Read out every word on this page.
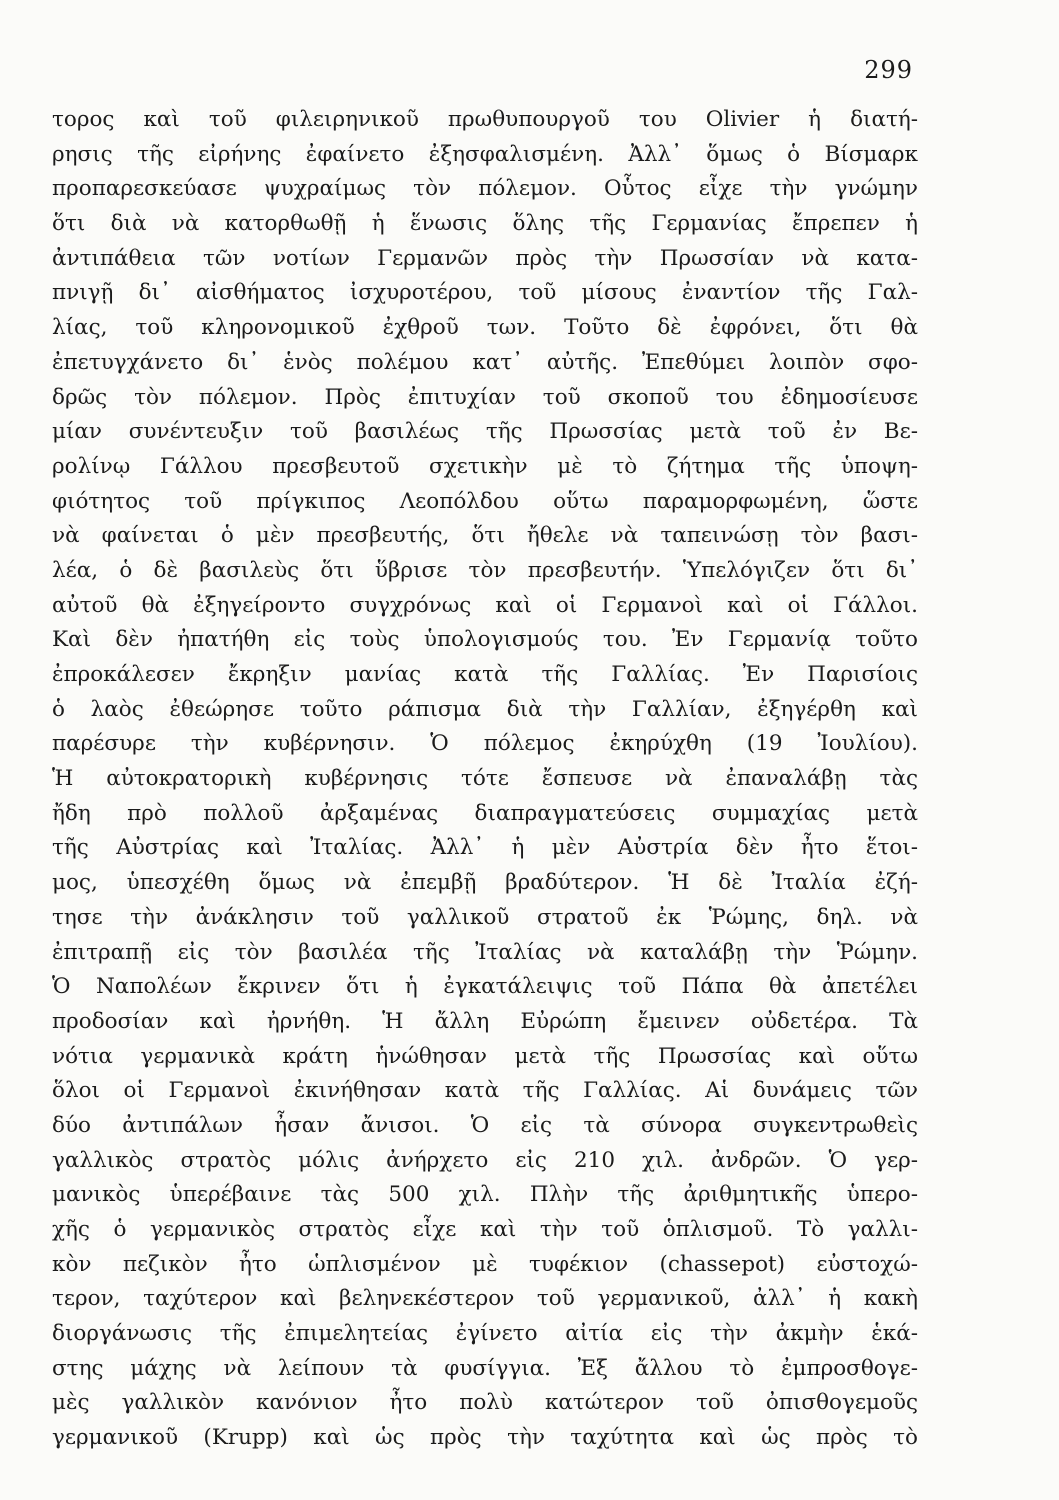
299
τορος καὶ τοῦ φιλειρηνικοῦ πρωθυπουργοῦ του Olivier ἡ διατή-
ρησις τῆς εἰρήνης ἐφαίνετο ἐξησφαλισμένη. Ἀλλ᾿ ὅμως ὁ Βίσμαρκ
προπαρεσκεύασε ψυχραίμως τὸν πόλεμον. Οὗτος εἶχε τὴν γνώμην
ὅτι διὰ νὰ κατορθωθῇ ἡ ἕνωσις ὅλης τῆς Γερμανίας ἔπρεπεν ἡ
ἀντιπάθεια τῶν νοτίων Γερμανῶν πρὸς τὴν Πρωσσίαν νὰ κατα-
πνιγῇ δι᾿ αἰσθήματος ἰσχυροτέρου, τοῦ μίσους ἐναντίον τῆς Γαλ-
λίας, τοῦ κληρονομικοῦ ἐχθροῦ των. Τοῦτο δὲ ἐφρόνει, ὅτι θὰ
ἐπετυγχάνετο δι᾿ ἑνὸς πολέμου κατ᾿ αὐτῆς. Ἐπεθύμει λοιπὸν σφο-
δρῶς τὸν πόλεμον. Πρὸς ἐπιτυχίαν τοῦ σκοποῦ του ἐδημοσίευσε
μίαν συνέντευξιν τοῦ βασιλέως τῆς Πρωσσίας μετὰ τοῦ ἐν Βε-
ρολίνῳ Γάλλου πρεσβευτοῦ σχετικὴν μὲ τὸ ζήτημα τῆς ὑποψη-
φιότητος τοῦ πρίγκιπος Λεοπόλδου οὕτω παραμορφωμένη, ὥστε
νὰ φαίνεται ὁ μὲν πρεσβευτής, ὅτι ἤθελε νὰ ταπεινώσῃ τὸν βασι-
λέα, ὁ δὲ βασιλεὺς ὅτι ὕβρισε τὸν πρεσβευτήν. Ὑπελόγιζεν ὅτι δι᾿
αὐτοῦ θὰ ἐξηγείροντο συγχρόνως καὶ οἱ Γερμανοὶ καὶ οἱ Γάλλοι.
Καὶ δὲν ἠπατήθη εἰς τοὺς ὑπολογισμούς του. Ἐν Γερμανίᾳ τοῦτο
ἐπροκάλεσεν ἔκρηξιν μανίας κατὰ τῆς Γαλλίας. Ἐν Παρισίοις
ὁ λαὸς ἐθεώρησε τοῦτο ράπισμα διὰ τὴν Γαλλίαν, ἐξηγέρθη καὶ
παρέσυρε τὴν κυβέρνησιν. Ὁ πόλεμος ἐκηρύχθη (19 Ἰουλίου).
Ἡ αὐτοκρατορικὴ κυβέρνησις τότε ἔσπευσε νὰ ἐπαναλάβῃ τὰς
ἤδη πρὸ πολλοῦ ἀρξαμένας διαπραγματεύσεις συμμαχίας μετὰ
τῆς Αὐστρίας καὶ Ἰταλίας. Ἀλλ᾿ ἡ μὲν Αὐστρία δὲν ἦτο ἕτοι-
μος, ὑπεσχέθη ὅμως νὰ ἐπεμβῇ βραδύτερον. Ἡ δὲ Ἰταλία ἐζή-
τησε τὴν ἀνάκλησιν τοῦ γαλλικοῦ στρατοῦ ἐκ Ῥώμης, δηλ. νὰ
ἐπιτραπῇ εἰς τὸν βασιλέα τῆς Ἰταλίας νὰ καταλάβῃ τὴν Ῥώμην.
Ὁ Ναπολέων ἔκρινεν ὅτι ἡ ἐγκατάλειψις τοῦ Πάπα θὰ ἀπετέλει
προδοσίαν καὶ ἠρνήθη. Ἡ ἄλλη Εὐρώπη ἔμεινεν οὐδετέρα. Τὰ
νότια γερμανικὰ κράτη ἡνώθησαν μετὰ τῆς Πρωσσίας καὶ οὕτω
ὅλοι οἱ Γερμανοὶ ἐκινήθησαν κατὰ τῆς Γαλλίας. Αἱ δυνάμεις τῶν
δύο ἀντιπάλων ἦσαν ἄνισοι. Ὁ εἰς τὰ σύνορα συγκεντρωθεὶς
γαλλικὸς στρατὸς μόλις ἀνήρχετο εἰς 210 χιλ. ἀνδρῶν. Ὁ γερ-
μανικὸς ὑπερέβαινε τὰς 500 χιλ. Πλὴν τῆς ἀριθμητικῆς ὑπερο-
χῆς ὁ γερμανικὸς στρατὸς εἶχε καὶ τὴν τοῦ ὁπλισμοῦ. Τὸ γαλλι-
κὸν πεζικὸν ἦτο ὡπλισμένον μὲ τυφέκιον (chassepot) εὐστοχώ-
τερον, ταχύτερον καὶ βεληνεκέστερον τοῦ γερμανικοῦ, ἀλλ᾿ ἡ κακὴ
διοργάνωσις τῆς ἐπιμελητείας ἐγίνετο αἰτία εἰς τὴν ἀκμὴν ἑκά-
στης μάχης νὰ λείπουν τὰ φυσίγγια. Ἐξ ἄλλου τὸ ἐμπροσθογε-
μὲς γαλλικὸν κανόνιον ἦτο πολὺ κατώτερον τοῦ ὀπισθογεμοῦς
γερμανικοῦ (Krupp) καὶ ὡς πρὸς τὴν ταχύτητα καὶ ὡς πρὸς τὸ
